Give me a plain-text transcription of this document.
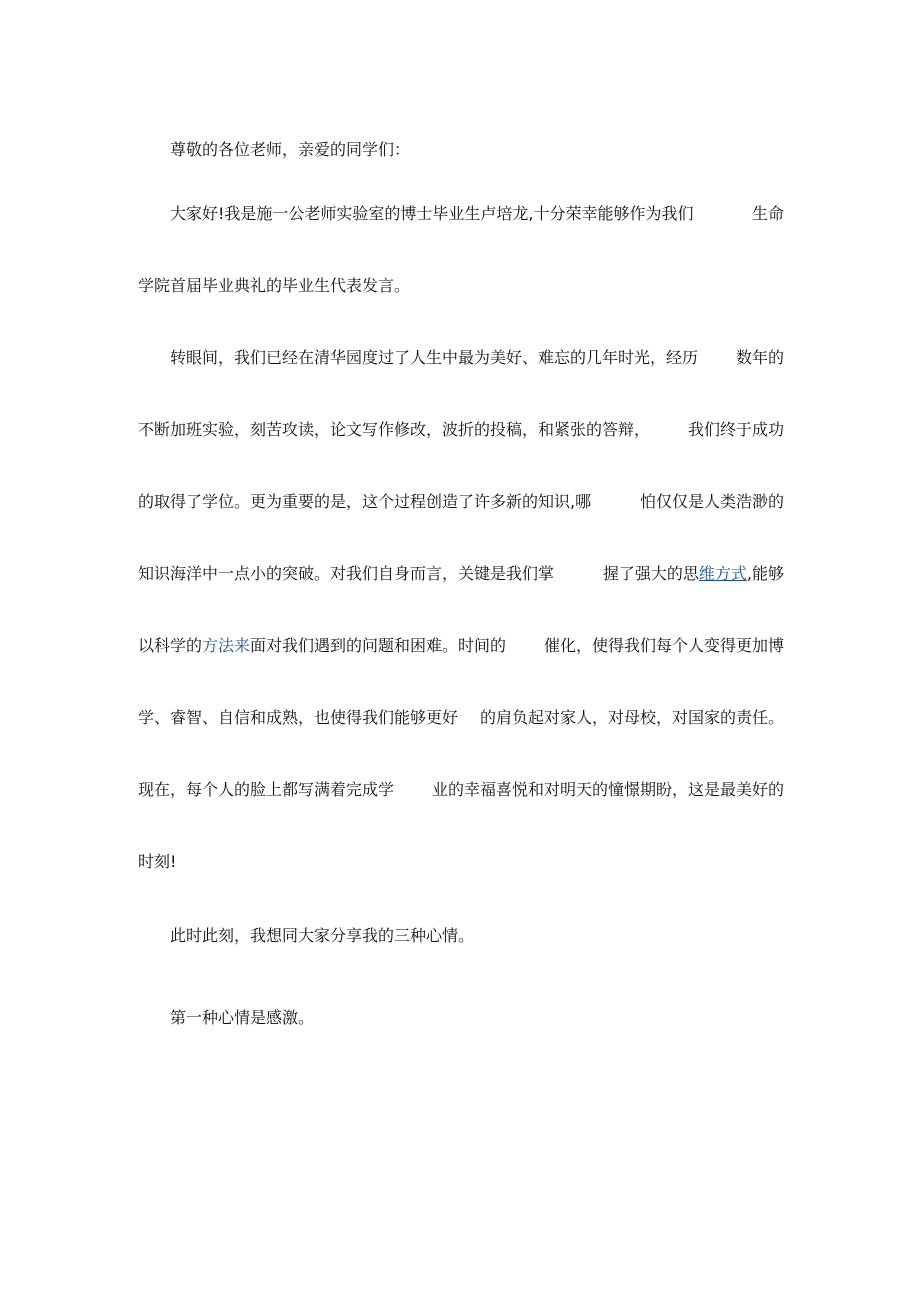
尊敬的各位老师，亲爱的同学们：
大家好!我是施一公老师实验室的博士毕业生卢培龙,十分荣幸能够作为我们	生命
学院首届毕业典礼的毕业生代表发言。
转眼间，我们已经在清华园度过了人生中最为美好、难忘的几年时光，经历 数年的
不断加班实验，刻苦攻读，论文写作修改，波折的投稿，和紧张的答辩， 我们终于成功
的取得了学位。更为重要的是，这个过程创造了许多新的知识,哪	怕仅仅是人类浩渺的
知识海洋中一点小的突破。对我们自身而言，关键是我们掌	握了强大的思维方式,能够
以科学的方法来面对我们遇到的问题和困难。时间的 催化，使得我们每个人变得更加博
学、睿智、自信和成熟，也使得我们能够更好 的肩负起对家人，对母校，对国家的责任。
现在，每个人的脸上都写满着完成学 业的幸福喜悦和对明天的憧憬期盼，这是最美好的
时刻!
此时此刻，我想同大家分享我的三种心情。
第一种心情是感激。
